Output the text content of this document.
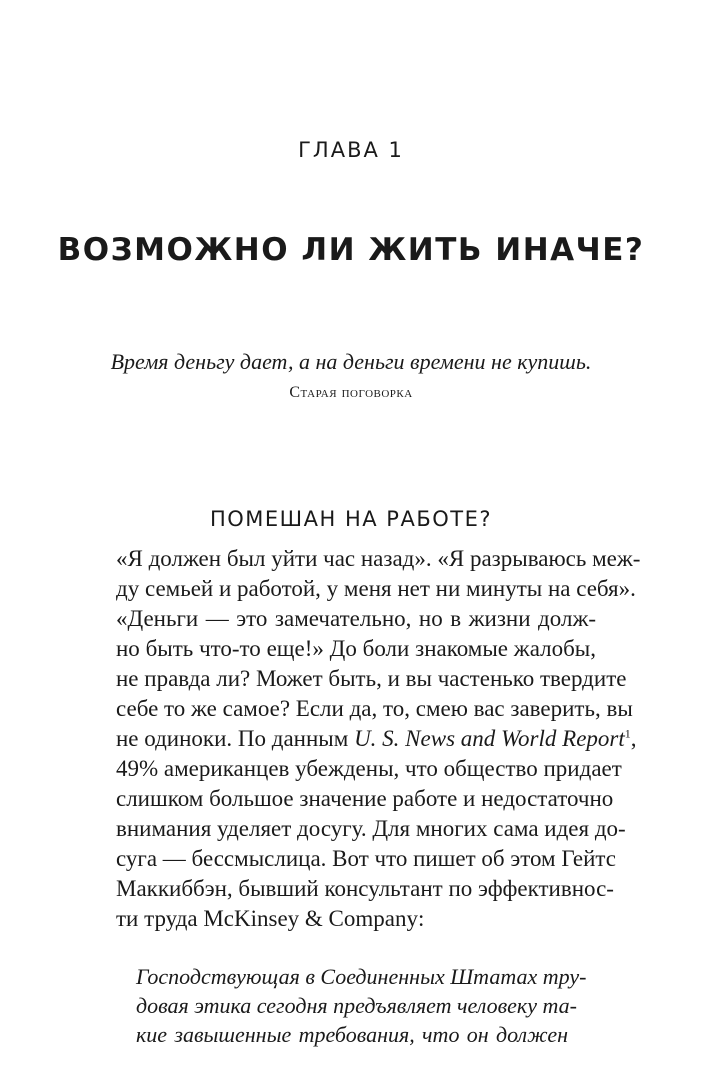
ГЛАВА 1
ВОЗМОЖНО ЛИ ЖИТЬ ИНАЧЕ?
Время деньгу дает, а на деньги времени не купишь.
Старая поговорка
ПОМЕШАН НА РАБОТЕ?
«Я должен был уйти час назад». «Я разрываюсь меж-
ду семьей и работой, у меня нет ни минуты на себя».
«Деньги — это замечательно, но в жизни долж-
но быть что-то еще!» До боли знакомые жалобы,
не правда ли? Может быть, и вы частенько твердите
себе то же самое? Если да, то, смею вас заверить, вы
не одиноки. По данным U. S. News and World Report$^1$,
49% американцев убеждены, что общество придает
слишком большое значение работе и недостаточно
внимания уделяет досугу. Для многих сама идея до-
суга — бессмыслица. Вот что пишет об этом Гейтс
Маккиббэн, бывший консультант по эффективнос-
ти труда McKinsey & Company:
Господствующая в Соединенных Штатах тру-
довая этика сегодня предъявляет человеку та-
кие завышенные требования, что он должен
